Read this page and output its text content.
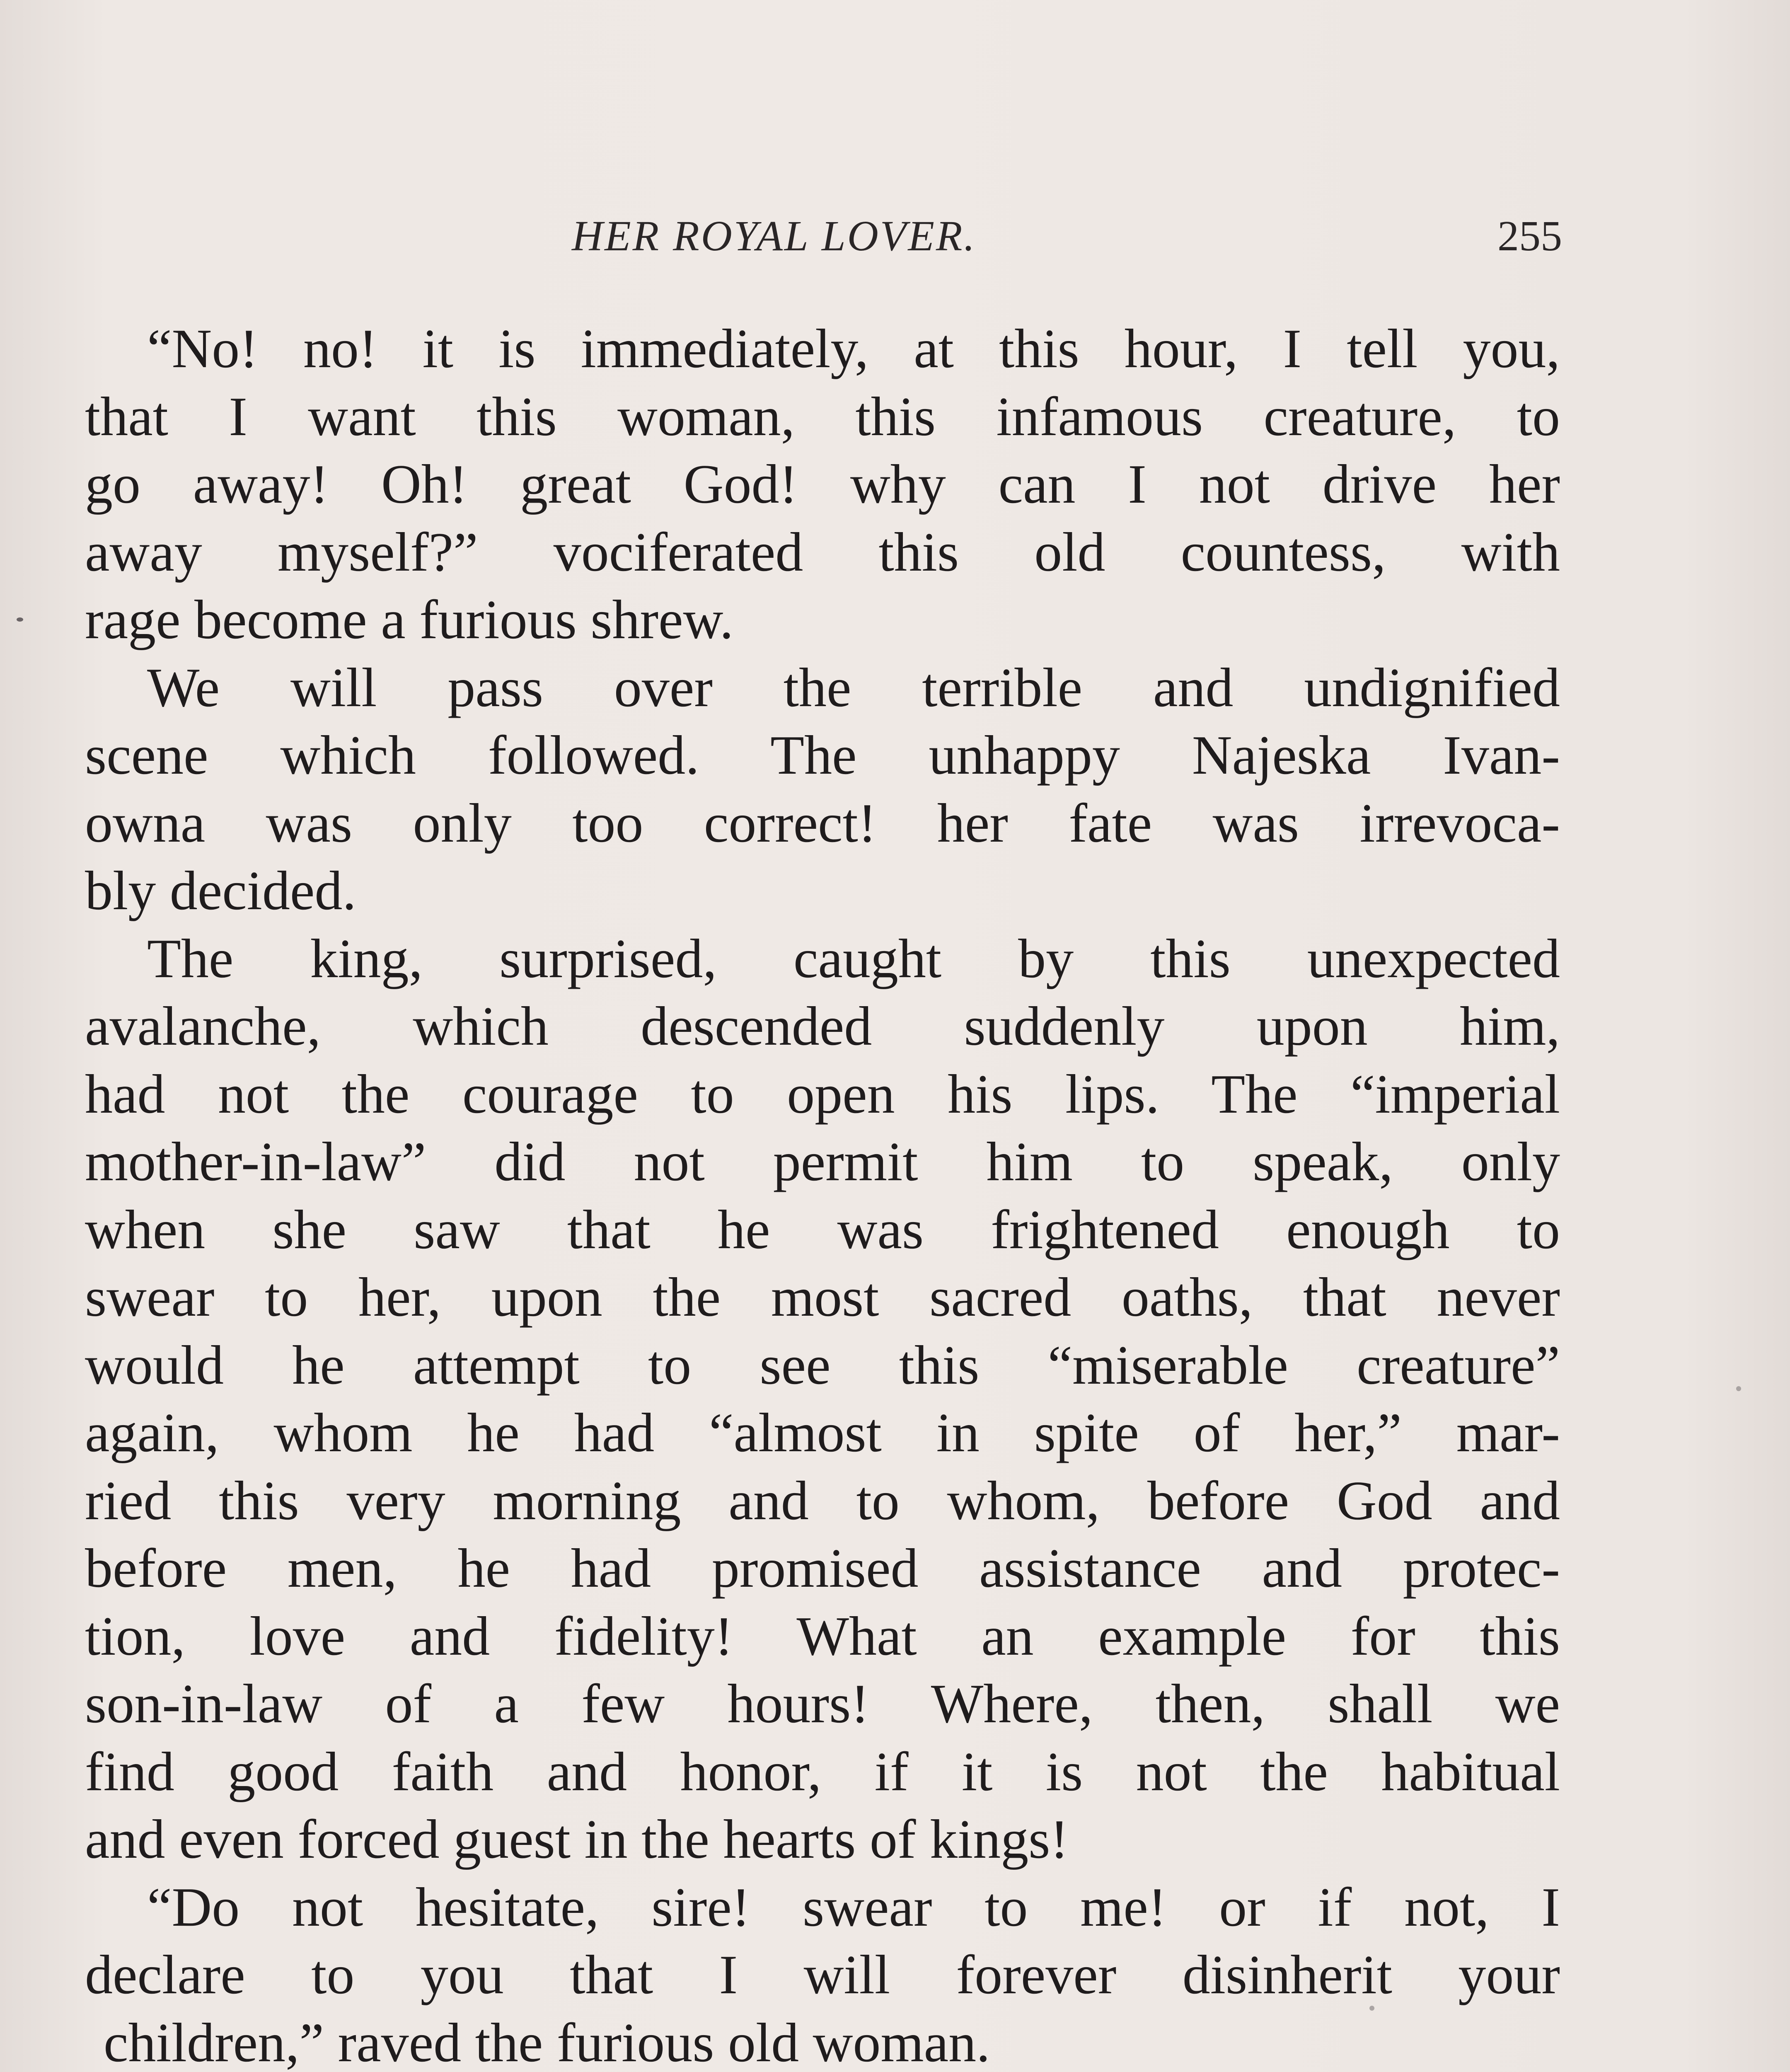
HER ROYAL LOVER.	255
“No! no! it is immediately, at this hour, I tell you,
that I want this woman, this infamous creature, to
go away! Oh! great God! why can I not drive her
away myself?” vociferated this old countess, with
rage become a furious shrew.
We will pass over the terrible and undignified
scene which followed. The unhappy Najeska Ivan-
owna was only too correct! her fate was irrevoca-
bly decided.
The king, surprised, caught by this unexpected
avalanche, which descended suddenly upon him,
had not the courage to open his lips. The “imperial
mother-in-law” did not permit him to speak, only
when she saw that he was frightened enough to
swear to her, upon the most sacred oaths, that never
would he attempt to see this “miserable creature”
again, whom he had “almost in spite of her,” mar-
ried this very morning and to whom, before God and
before men, he had promised assistance and protec-
tion, love and fidelity! What an example for this
son-in-law of a few hours! Where, then, shall we
find good faith and honor, if it is not the habitual
and even forced guest in the hearts of kings!
“Do not hesitate, sire! swear to me! or if not, I
declare to you that I will forever disinherit your
children,” raved the furious old woman.
